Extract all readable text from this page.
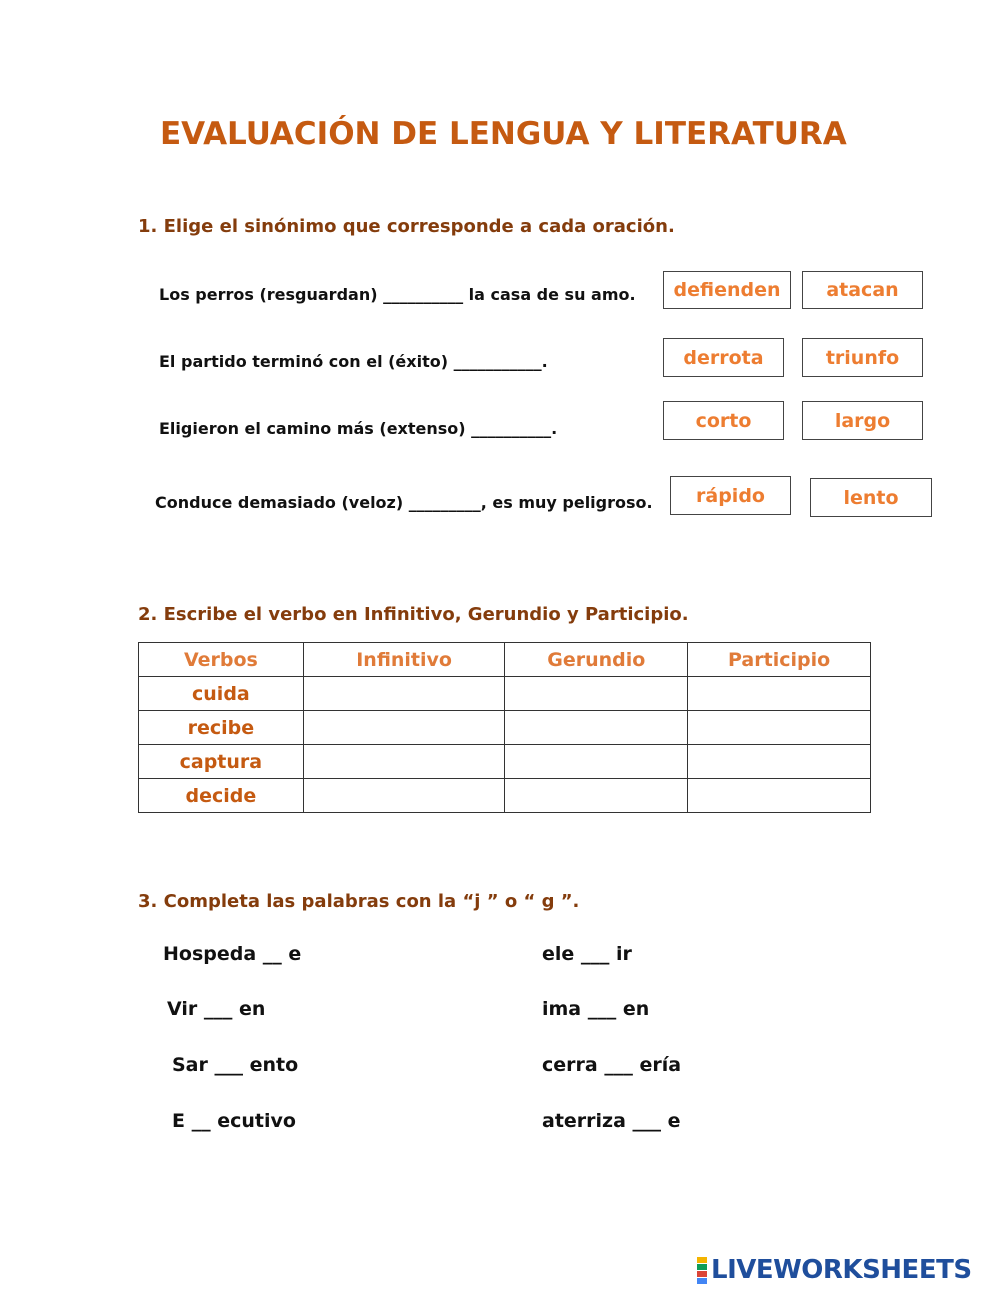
EVALUACIÓN DE LENGUA Y LITERATURA
1. Elige el sinónimo que corresponde a cada oración.
Los perros (resguardan) __________ la casa de su amo.	defienden	atacan
El partido terminó con el (éxito) ___________.	derrota	triunfo
Eligieron el camino más (extenso) __________.	corto	largo
Conduce demasiado (veloz) _________, es muy peligroso.	rápido	lento
2. Escribe el verbo en Infinitivo, Gerundio y Participio.
Verbos	Infinitivo	Gerundio	Participio
cuida			
recibe			
captura			
decide			
3. Completa las palabras con la “j ” o “ g ”.
Hospeda __ e
Vir ___ en
Sar ___ ento
E __ ecutivo
ele ___ ir
ima ___ en
cerra ___ ería
aterriza ___ e
LIVEWORKSHEETS
